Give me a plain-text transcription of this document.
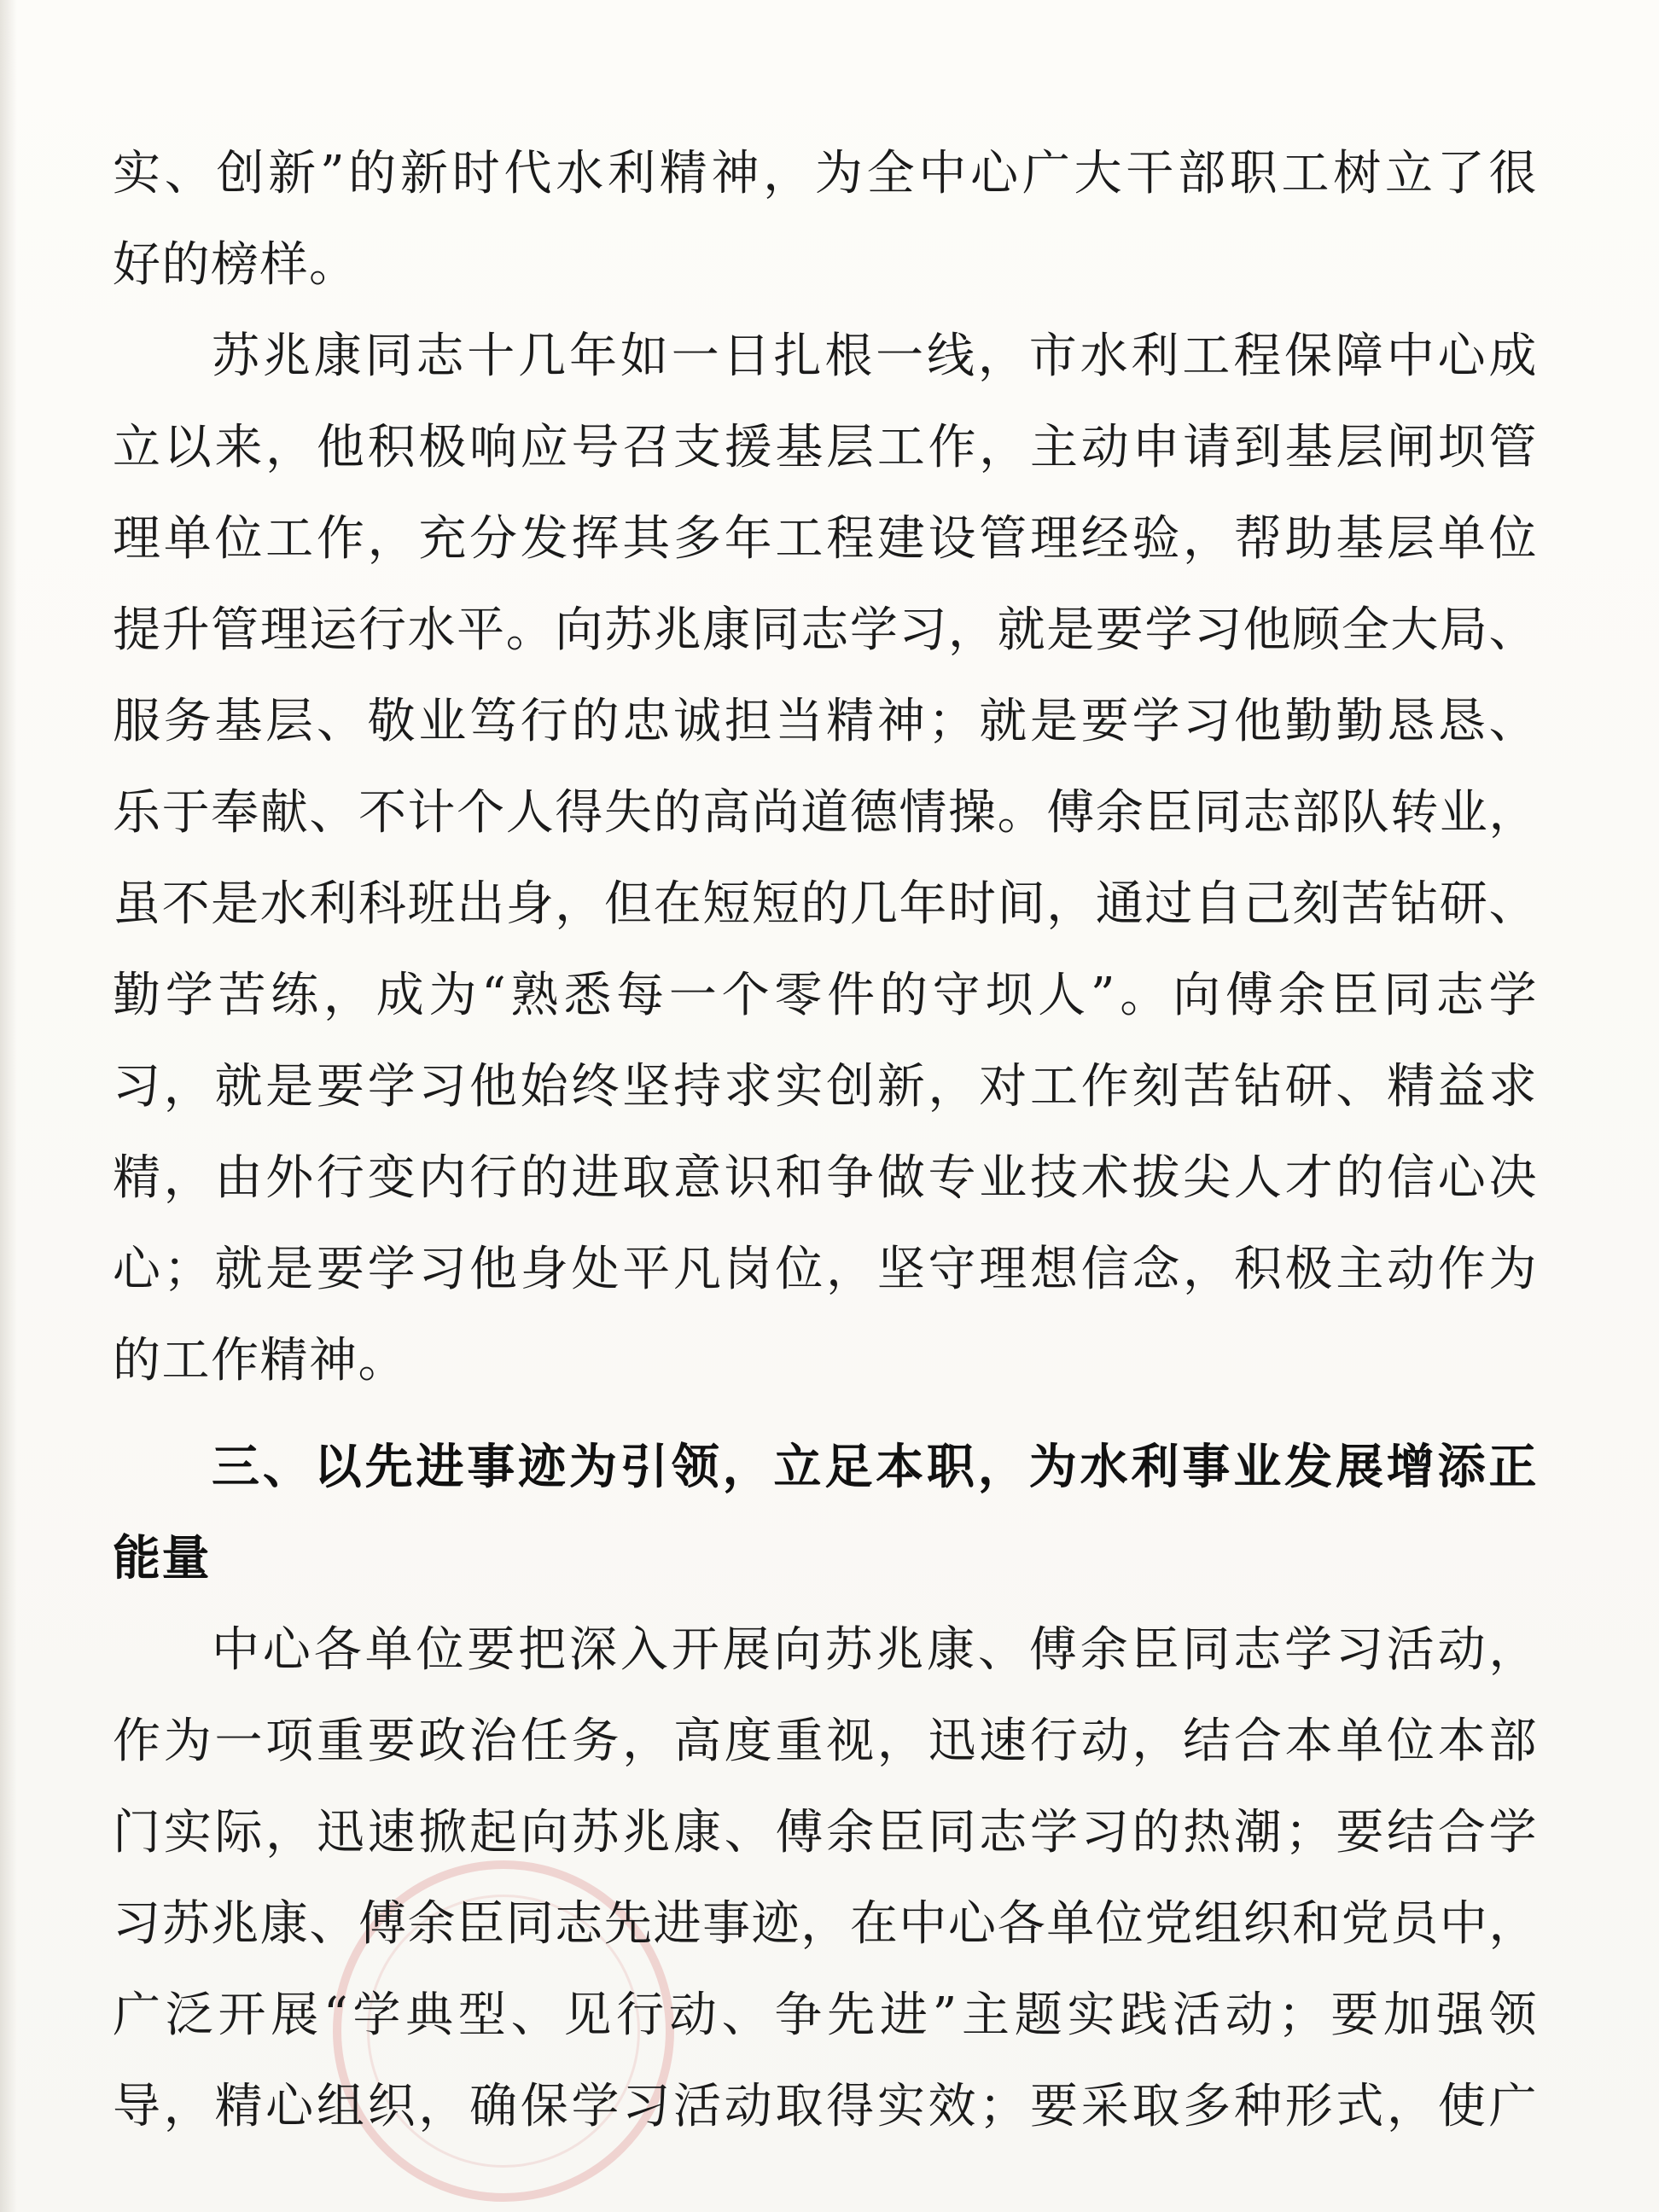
实、创新”的新时代水利精神，为全中心广大干部职工树立了很
好的榜样。
苏兆康同志十几年如一日扎根一线，市水利工程保障中心成
立以来，他积极响应号召支援基层工作，主动申请到基层闸坝管
理单位工作，充分发挥其多年工程建设管理经验，帮助基层单位
提升管理运行水平。向苏兆康同志学习，就是要学习他顾全大局、
服务基层、敬业笃行的忠诚担当精神；就是要学习他勤勤恳恳、
乐于奉献、不计个人得失的高尚道德情操。傅余臣同志部队转业，
虽不是水利科班出身，但在短短的几年时间，通过自己刻苦钻研、
勤学苦练，成为“熟悉每一个零件的守坝人”。向傅余臣同志学
习，就是要学习他始终坚持求实创新，对工作刻苦钻研、精益求
精，由外行变内行的进取意识和争做专业技术拔尖人才的信心决
心；就是要学习他身处平凡岗位，坚守理想信念，积极主动作为
的工作精神。
三、以先进事迹为引领，立足本职，为水利事业发展增添正
能量
中心各单位要把深入开展向苏兆康、傅余臣同志学习活动，
作为一项重要政治任务，高度重视，迅速行动，结合本单位本部
门实际，迅速掀起向苏兆康、傅余臣同志学习的热潮；要结合学
习苏兆康、傅余臣同志先进事迹，在中心各单位党组织和党员中，
广泛开展“学典型、见行动、争先进”主题实践活动；要加强领
导，精心组织，确保学习活动取得实效；要采取多种形式，使广
